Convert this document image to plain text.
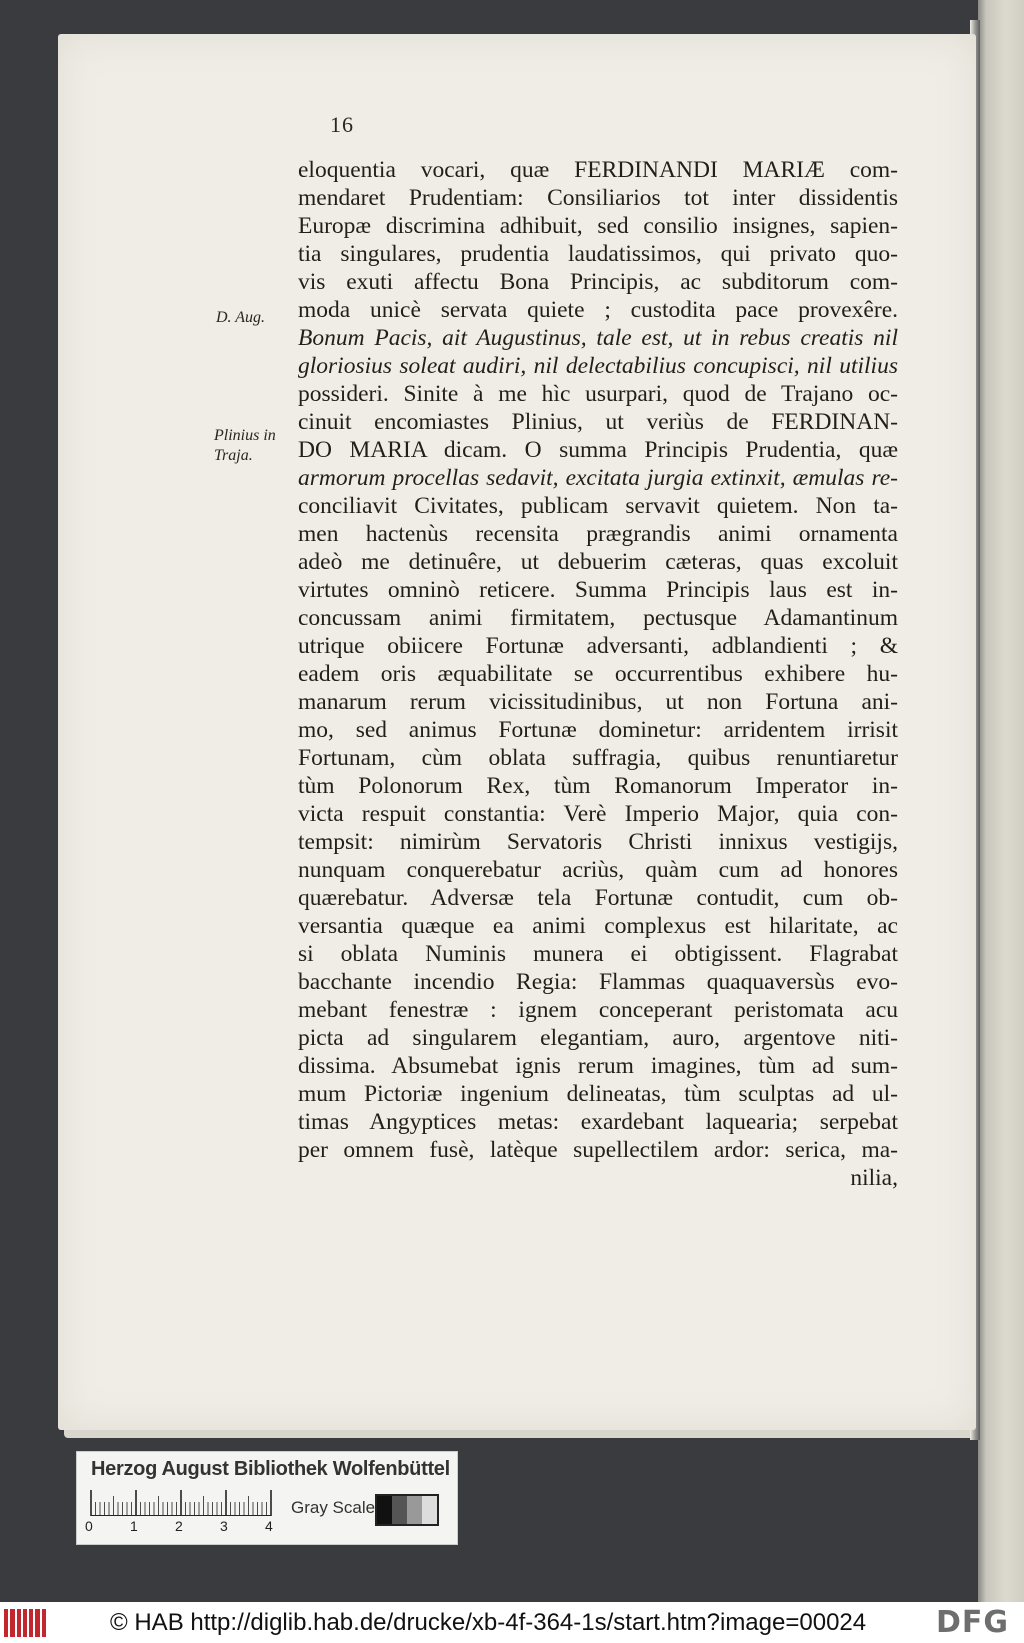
16
D. Aug.
Plinius in
Traja.
eloquentia vocari, quæ FERDINANDI MARIÆ com-
mendaret Prudentiam: Consiliarios tot inter dissidentis
Europæ discrimina adhibuit, sed consilio insignes, sapien-
tia singulares, prudentia laudatissimos, qui privato quo-
vis exuti affectu Bona Principis, ac subditorum com-
moda unicè servata quiete ; custodita pace provexêre.
Bonum Pacis, ait Augustinus, tale est, ut in rebus creatis nil
gloriosius soleat audiri, nil delectabilius concupisci, nil utilius
possideri. Sinite à me hìc usurpari, quod de Trajano oc-
cinuit encomiastes Plinius, ut veriùs de FERDINAN-
DO MARIA dicam. O summa Principis Prudentia, quæ
armorum procellas sedavit, excitata jurgia extinxit, æmulas re-
conciliavit Civitates, publicam servavit quietem. Non ta-
men hactenùs recensita prægrandis animi ornamenta
adeò me detinuêre, ut debuerim cæteras, quas excoluit
virtutes omninò reticere. Summa Principis laus est in-
concussam animi firmitatem, pectusque Adamantinum
utrique obiicere Fortunæ adversanti, adblandienti ; &
eadem oris æquabilitate se occurrentibus exhibere hu-
manarum rerum vicissitudinibus, ut non Fortuna ani-
mo, sed animus Fortunæ dominetur: arridentem irrisit
Fortunam, cùm oblata suffragia, quibus renuntiaretur
tùm Polonorum Rex, tùm Romanorum Imperator in-
victa respuit constantia: Verè Imperio Major, quia con-
tempsit: nimirùm Servatoris Christi innixus vestigijs,
nunquam conquerebatur acriùs, quàm cum ad honores
quærebatur. Adversæ tela Fortunæ contudit, cum ob-
versantia quæque ea animi complexus est hilaritate, ac
si oblata Numinis munera ei obtigissent. Flagrabat
bacchante incendio Regia: Flammas quaquaversùs evo-
mebant fenestræ : ignem conceperant peristomata acu
picta ad singularem elegantiam, auro, argentove niti-
dissima. Absumebat ignis rerum imagines, tùm ad sum-
mum Pictoriæ ingenium delineatas, tùm sculptas ad ul-
timas Angyptices metas: exardebant laquearia; serpebat
per omnem fusè, latèque supellectilem ardor: serica, ma-
nilia,
Herzog August Bibliothek Wolfenbüttel
0	1	2	3	4
Gray Scale
© HAB http://diglib.hab.de/drucke/xb-4f-364-1s/start.htm?image=00024 DFG
